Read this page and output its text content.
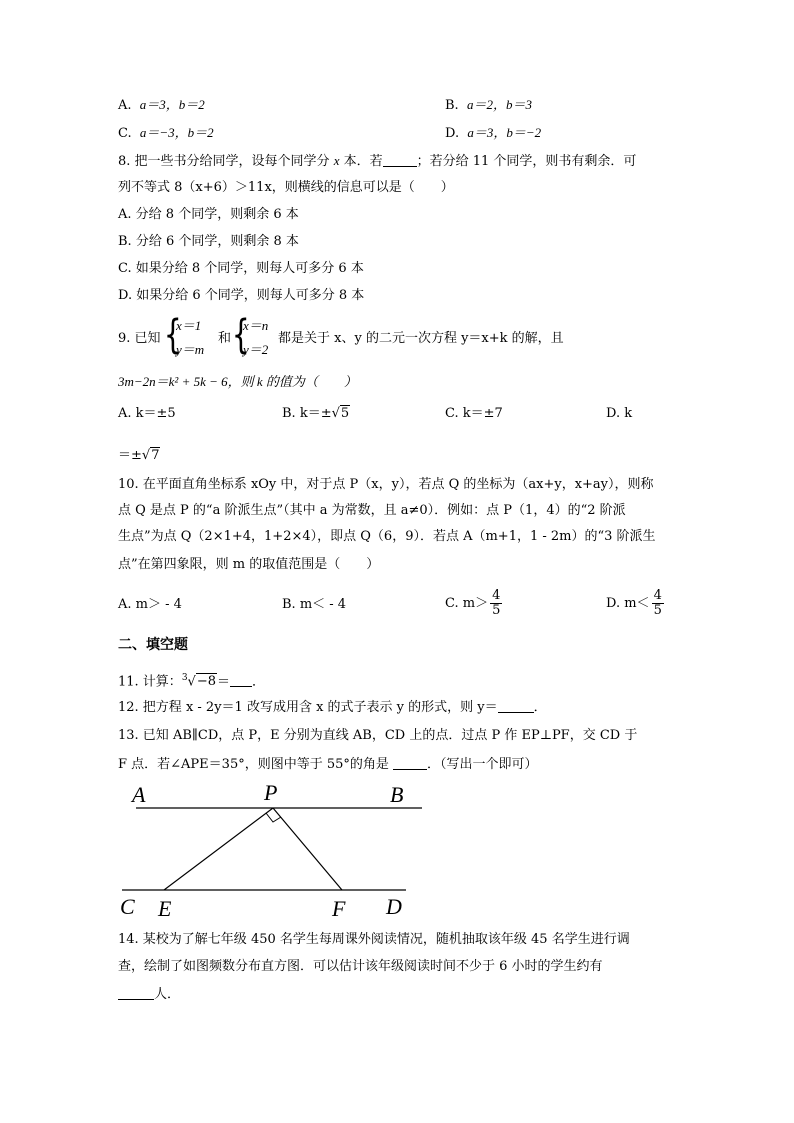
A. a＝3，b＝2	B. a＝2，b＝3
C. a＝−3，b＝2	D. a＝3，b＝−2
8. 把一些书分给同学，设每个同学分 x 本．若	；若分给 11 个同学，则书有剩余．可
列不等式 8（x+6）＞11x，则横线的信息可以是（　　）
A. 分给 8 个同学，则剩余 6 本
B. 分给 6 个同学，则剩余 8 本
C. 如果分给 8 个同学，则每人可多分 6 本
D. 如果分给 6 个同学，则每人可多分 8 本
9. 已知 {
x＝1
y＝m
和 {
x＝n
y＝2
都是关于 x、y 的二元一次方程 y＝x+k 的解，且
3m−2n＝k² + 5k − 6，则 k 的值为（　　）
A. k＝±5	B. k＝±√5	C. k＝±7	D. k
＝±√7
10. 在平面直角坐标系 xOy 中，对于点 P（x，y），若点 Q 的坐标为（ax+y，x+ay），则称
点 Q 是点 P 的“a 阶派生点”（其中 a 为常数，且 a≠0）．例如：点 P（1，4）的“2 阶派
生点”为点 Q（2×1+4，1+2×4），即点 Q（6，9）．若点 A（m+1，1 - 2m）的“3 阶派生
点”在第四象限，则 m 的取值范围是（　　）
A. m＞ - 4	B. m＜ - 4	C. $m> \frac{4}{5}$	D. $m< \frac{4}{5}$
二、填空题
11. 计算：$^3$√−8＝ ．
12. 把方程 x - 2y＝1 改写成用含 x 的式子表示 y 的形式，则 y＝	．
13. 已知 AB∥CD，点 P，E 分别为直线 AB，CD 上的点．过点 P 作 EP⊥PF，交 CD 于
F 点．若∠APE＝35°，则图中等于 55°的角是	．（写出一个即可）
A	P	B
C E	F D
14. 某校为了解七年级 450 名学生每周课外阅读情况，随机抽取该年级 45 名学生进行调
查，绘制了如图频数分布直方图．可以估计该年级阅读时间不少于 6 小时的学生约有
人．
